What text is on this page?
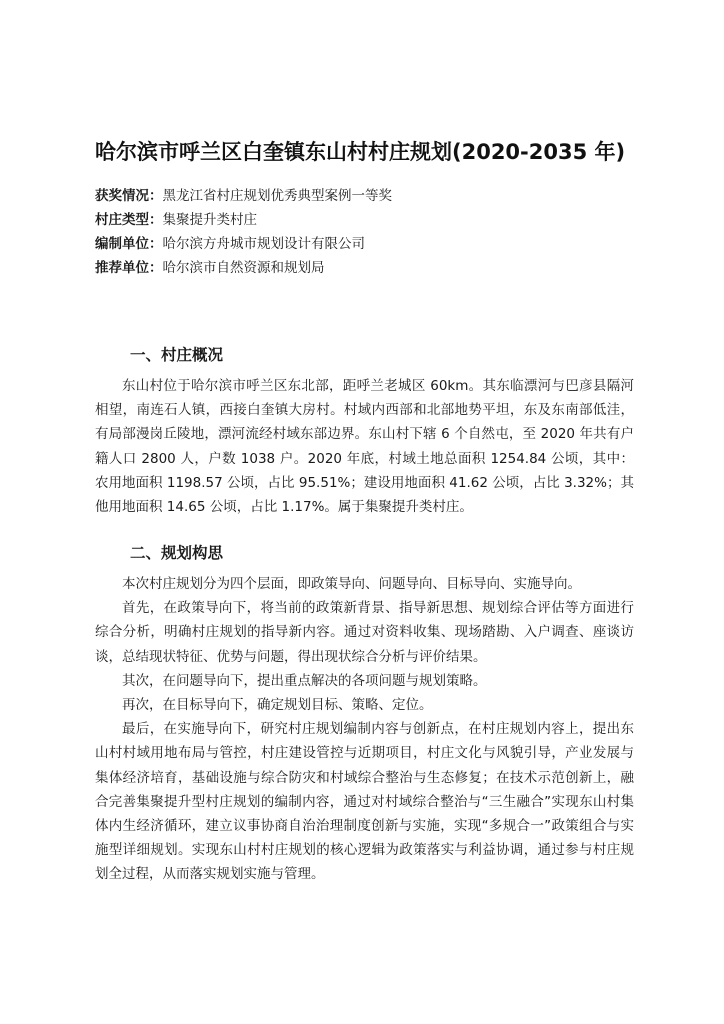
哈尔滨市呼兰区白奎镇东山村村庄规划(2020-2035 年)
获奖情况：黑龙江省村庄规划优秀典型案例一等奖
村庄类型：集聚提升类村庄
编制单位：哈尔滨方舟城市规划设计有限公司
推荐单位：哈尔滨市自然资源和规划局
一、村庄概况

东山村位于哈尔滨市呼兰区东北部，距呼兰老城区 60km。其东临漂河与巴彦县隔河相望，南连石人镇，西接白奎镇大房村。村域内西部和北部地势平坦，东及东南部低洼，有局部漫岗丘陵地，漂河流经村域东部边界。东山村下辖 6 个自然屯，至 2020 年共有户籍人口 2800 人，户数 1038 户。2020 年底，村域土地总面积 1254.84 公顷，其中：农用地面积 1198.57 公顷，占比 95.51%；建设用地面积 41.62 公顷，占比 3.32%；其他用地面积 14.65 公顷，占比 1.17%。属于集聚提升类村庄。

二、规划构思

本次村庄规划分为四个层面，即政策导向、问题导向、目标导向、实施导向。

首先，在政策导向下，将当前的政策新背景、指导新思想、规划综合评估等方面进行综合分析，明确村庄规划的指导新内容。通过对资料收集、现场踏勘、入户调查、座谈访谈，总结现状特征、优势与问题，得出现状综合分析与评价结果。

其次，在问题导向下，提出重点解决的各项问题与规划策略。

再次，在目标导向下，确定规划目标、策略、定位。

最后，在实施导向下，研究村庄规划编制内容与创新点，在村庄规划内容上，提出东山村村域用地布局与管控，村庄建设管控与近期项目，村庄文化与风貌引导，产业发展与集体经济培育，基础设施与综合防灾和村域综合整治与生态修复；在技术示范创新上，融合完善集聚提升型村庄规划的编制内容，通过对村域综合整治与“三生融合”实现东山村集体内生经济循环，建立议事协商自治治理制度创新与实施，实现“多规合一”政策组合与实施型详细规划。实现东山村村庄规划的核心逻辑为政策落实与利益协调，通过参与村庄规划全过程，从而落实规划实施与管理。
